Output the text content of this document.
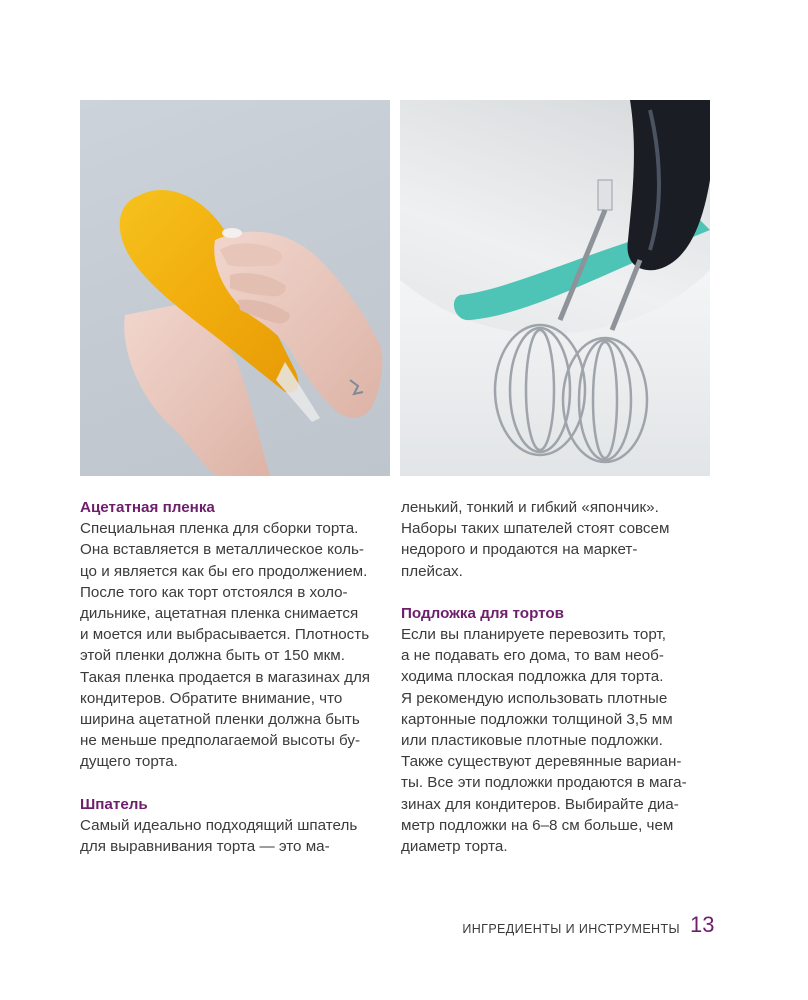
Ацетатная пленка

Специальная пленка для сборки торта.

Она вставляется в металлическое коль-

цо и является как бы его продолжением.

После того как торт отстоялся в холо-

дильнике, ацетатная пленка снимается

и моется или выбрасывается. Плотность

этой пленки должна быть от 150 мкм.

Такая пленка продается в магазинах для

кондитеров. Обратите внимание, что

ширина ацетатной пленки должна быть

не меньше предполагаемой высоты бу-

дущего торта.

Шпатель

Самый идеально подходящий шпатель

для выравнивания торта — это ма-

ленький, тонкий и гибкий «япончик».

Наборы таких шпателей стоят совсем

недорого и продаются на маркет-

плейсах.

Подложка для тортов

Если вы планируете перевозить торт,

а не подавать его дома, то вам необ-

ходима плоская подложка для торта.

Я рекомендую использовать плотные

картонные подложки толщиной 3,5 мм

или пластиковые плотные подложки.

Также существуют деревянные вариан-

ты. Все эти подложки продаются в мага-

зинах для кондитеров. Выбирайте диа-

метр подложки на 6–8 см больше, чем

диаметр торта.

ИНГРЕДИЕНТЫ И ИНСТРУМЕНТЫ 13
